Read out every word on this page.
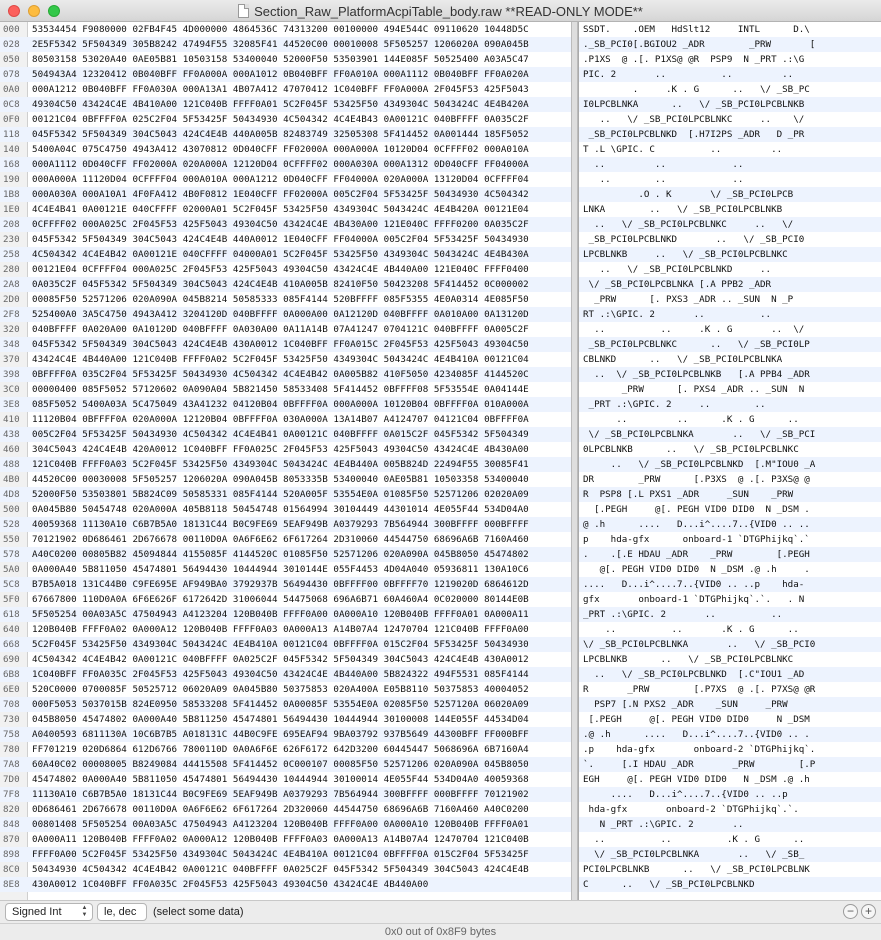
Section_Raw_PlatformAcpiTable_body.raw **READ-ONLY MODE**
000	53534454 F9080000 02FB4F45 4D000000 4864536C 74313200 00100000 494E544C 09110620 10448D5C
028	2E5F5342 5F504349 305B8242 47494F55 32085F41 44520C00 00010008 5F505257 1206020A 090A045B
050	80503158 53020A40 0AE05B81 10503158 53400040 52000F50 53503901 144E085F 50525400 A03A5C47
078	504943A4 12320412 0B040BFF FF0A000A 000A1012 0B040BFF FF0A010A 000A1112 0B040BFF FF0A020A
0A0	000A1212 0B040BFF FF0A030A 000A13A1 4B07A412 47070412 1C040BFF FF0A000A 2F045F53 425F5043
0C8	49304C50 43424C4E 4B410A00 121C040B FFFF0A01 5C2F045F 53425F50 4349304C 5043424C 4E4B420A
0F0	00121C04 0BFFFF0A 025C2F04 5F53425F 50434930 4C504342 4C4E4B43 0A00121C 040BFFFF 0A035C2F
118	045F5342 5F504349 304C5043 424C4E4B 440A005B 82483749 32505308 5F414452 0A001444 185F5052
140	5400A04C 075C4750 4943A412 43070812 0D040CFF FF02000A 000A000A 10120D04 0CFFFF02 000A010A
168	000A1112 0D040CFF FF02000A 020A000A 12120D04 0CFFFF02 000A030A 000A1312 0D040CFF FF04000A
190	000A000A 11120D04 0CFFFF04 000A010A 000A1212 0D040CFF FF04000A 020A000A 13120D04 0CFFFF04
1B8	000A030A 000A10A1 4F0FA412 4B0F0812 1E040CFF FF02000A 005C2F04 5F53425F 50434930 4C504342
1E0	4C4E4B41 0A00121E 040CFFFF 02000A01 5C2F045F 53425F50 4349304C 5043424C 4E4B420A 00121E04
208	0CFFFF02 000A025C 2F045F53 425F5043 49304C50 43424C4E 4B430A00 121E040C FFFF0200 0A035C2F
230	045F5342 5F504349 304C5043 424C4E4B 440A0012 1E040CFF FF04000A 005C2F04 5F53425F 50434930
258	4C504342 4C4E4B42 0A00121E 040CFFFF 04000A01 5C2F045F 53425F50 4349304C 5043424C 4E4B430A
280	00121E04 0CFFFF04 000A025C 2F045F53 425F5043 49304C50 43424C4E 4B440A00 121E040C FFFF0400
2A8	0A035C2F 045F5342 5F504349 304C5043 424C4E4B 410A005B 82410F50 50423208 5F414452 0C000002
2D0	00085F50 52571206 020A090A 045B8214 50585333 085F4144 520BFFFF 085F5355 4E0A0314 4E085F50
2F8	525400A0 3A5C4750 4943A412 3204120D 040BFFFF 0A000A00 0A12120D 040BFFFF 0A010A00 0A13120D
320	040BFFFF 0A020A00 0A10120D 040BFFFF 0A030A00 0A11A14B 07A41247 0704121C 040BFFFF 0A005C2F
348	045F5342 5F504349 304C5043 424C4E4B 430A0012 1C040BFF FF0A015C 2F045F53 425F5043 49304C50
370	43424C4E 4B440A00 121C040B FFFF0A02 5C2F045F 53425F50 4349304C 5043424C 4E4B410A 00121C04
398	0BFFFF0A 035C2F04 5F53425F 50434930 4C504342 4C4E4B42 0A005B82 410F5050 4234085F 4144520C
3C0	00000400 085F5052 57120602 0A090A04 5B821450 58533408 5F414452 0BFFFF08 5F53554E 0A04144E
3E8	085F5052 5400A03A 5C475049 43A41232 04120B04 0BFFFF0A 000A000A 10120B04 0BFFFF0A 010A000A
410	11120B04 0BFFFF0A 020A000A 12120B04 0BFFFF0A 030A000A 13A14B07 A4124707 04121C04 0BFFFF0A
438	005C2F04 5F53425F 50434930 4C504342 4C4E4B41 0A00121C 040BFFFF 0A015C2F 045F5342 5F504349
460	304C5043 424C4E4B 420A0012 1C040BFF FF0A025C 2F045F53 425F5043 49304C50 43424C4E 4B430A00
488	121C040B FFFF0A03 5C2F045F 53425F50 4349304C 5043424C 4E4B440A 005B824D 22494F55 30085F41
4B0	44520C00 00030008 5F505257 1206020A 090A045B 8053335B 53400040 0AE05B81 10503358 53400040
4D8	52000F50 53503801 5B824C09 50585331 085F4144 520A005F 53554E0A 01085F50 52571206 02020A09
500	0A045B80 50454748 020A000A 405B8118 50454748 01564994 30104449 44301014 4E055F44 534D04A0
528	40059368 11130A10 C6B7B5A0 18131C44 B0C9FE69 5EAF949B A0379293 7B564944 300BFFFF 000BFFFF
550	70121902 0D686461 2D676678 00110D0A 0A6F6E62 6F617264 2D310060 44544750 68696A6B 7160A460
578	A40C0200 00805B82 45094844 4155085F 4144520C 01085F50 52571206 020A090A 045B8050 45474802
5A0	0A000A40 5B811050 45474801 56494430 10444944 3010144E 055F4453 4D04A040 05936811 130A10C6
5C8	B7B5A018 131C44B0 C9FE695E AF949BA0 3792937B 56494430 0BFFFF00 0BFFFF70 1219020D 6864612D
5F0	67667800 110D0A0A 6F6E626F 6172642D 31006044 54475068 696A6B71 60A460A4 0C020000 80144E0B
618	5F505254 00A03A5C 47504943 A4123204 120B040B FFFF0A00 0A000A10 120B040B FFFF0A01 0A000A11
640	120B040B FFFF0A02 0A000A12 120B040B FFFF0A03 0A000A13 A14B07A4 12470704 121C040B FFFF0A00
668	5C2F045F 53425F50 4349304C 5043424C 4E4B410A 00121C04 0BFFFF0A 015C2F04 5F53425F 50434930
690	4C504342 4C4E4B42 0A00121C 040BFFFF 0A025C2F 045F5342 5F504349 304C5043 424C4E4B 430A0012
6B8	1C040BFF FF0A035C 2F045F53 425F5043 49304C50 43424C4E 4B440A00 5B824322 494F5531 085F4144
6E0	520C0000 0700085F 50525712 06020A09 0A045B80 50375853 020A400A E05B8110 50375853 40004052
708	000F5053 5037015B 824E0950 58533208 5F414452 0A00085F 53554E0A 02085F50 5257120A 06020A09
730	045B8050 45474802 0A000A40 5B811250 45474801 56494430 10444944 30100008 144E055F 44534D04
758	A0400593 6811130A 10C6B7B5 A018131C 44B0C9FE 695EAF94 9BA03792 937B5649 44300BFF FF000BFF
780	FF701219 020D6864 612D6766 7800110D 0A0A6F6E 626F6172 642D3200 60445447 5068696A 6B7160A4
7A8	60A40C02 00008005 B8249084 44415508 5F414452 0C000107 00085F50 52571206 020A090A 045B8050
7D0	45474802 0A000A40 5B811050 45474801 56494430 10444944 30100014 4E055F44 534D04A0 40059368
7F8	11130A10 C6B7B5A0 18131C44 B0C9FE69 5EAF949B A0379293 7B564944 300BFFFF 000BFFFF 70121902
820	0D686461 2D676678 00110D0A 0A6F6E62 6F617264 2D320060 44544750 68696A6B 7160A460 A40C0200
848	00801408 5F505254 00A03A5C 47504943 A4123204 120B040B FFFF0A00 0A000A10 120B040B FFFF0A01
870	0A000A11 120B040B FFFF0A02 0A000A12 120B040B FFFF0A03 0A000A13 A14B07A4 12470704 121C040B
898	FFFF0A00 5C2F045F 53425F50 4349304C 5043424C 4E4B410A 00121C04 0BFFFF0A 015C2F04 5F53425F
8C0	50434930 4C504342 4C4E4B42 0A00121C 040BFFFF 0A025C2F 045F5342 5F504349 304C5043 424C4E4B
8E8	430A0012 1C040BFF FF0A035C 2F045F53 425F5043 49304C50 43424C4E 4B440A00
SSDT.    .OEM   HdSlt12     INTL      D.\
._SB_PCI0[.BGIOU2 _ADR        _PRW       [
.P1XS  @ .[. P1XS@ @R  PSP9  N _PRT .:\G
PIC. 2       ..          ..         ..
.     .K . G      ..   \/ _SB_PC
I0LPCBLNKA      ..   \/ _SB_PCI0LPCBLNKB
..   \/ _SB_PCI0LPCBLNKC     ..    \/
_SB_PCI0LPCBLNKD  [.H7I2PS _ADR   D _PR
T .L \GPIC. C          ..         ..
..         ..            ..
..        ..            ..
.O . K       \/ _SB_PCI0LPCB
LNKA        ..   \/ _SB_PCI0LPCBLNKB
..   \/ _SB_PCI0LPCBLNKC     ..   \/
_SB_PCI0LPCBLNKD       ..   \/ _SB_PCI0
LPCBLNKB     ..   \/ _SB_PCI0LPCBLNKC
..   \/ _SB_PCI0LPCBLNKD     ..
\/ _SB_PCI0LPCBLNKA [.A PPB2 _ADR
_PRW      [. PXS3 _ADR .. _SUN  N _P
RT .:\GPIC. 2       ..          ..
..          ..     .K . G       ..  \/
_SB_PCI0LPCBLNKC      ..   \/ _SB_PCI0LP
CBLNKD      ..   \/ _SB_PCI0LPCBLNKA
..  \/ _SB_PCI0LPCBLNKB   [.A PPB4 _ADR
_PRW      [. PXS4 _ADR .. _SUN  N
_PRT .:\GPIC. 2     ..        ..
..         ..      .K . G      ..
\/ _SB_PCI0LPCBLNKA       ..   \/ _SB_PCI
0LPCBLNKB      ..   \/ _SB_PCI0LPCBLNKC
..   \/ _SB_PCI0LPCBLNKD  [.M"IOU0 _A
DR        _PRW      [.P3XS  @ .[. P3XS@ @
R  PSP8 [.L PXS1 _ADR     _SUN    _PRW
[.PEGH     @[. PEGH VID0 DID0  N _DSM .
@ .h      ....   D...i^....7..{VID0 .. ..
p    hda-gfx      onboard-1 `DTGPhijkq`.`
.    .[.E HDAU _ADR    _PRW        [.PEGH
@[. PEGH VID0 DID0  N _DSM .@ .h     .
....   D...i^....7..{VID0 .. ..p    hda-
gfx       onboard-1 `DTGPhijkq`.`.   . N
_PRT .:\GPIC. 2       ..          ..
..          ..       .K . G      ..
\/ _SB_PCI0LPCBLNKA       ..   \/ _SB_PCI0
LPCBLNKB      ..   \/ _SB_PCI0LPCBLNKC
..   \/ _SB_PCI0LPCBLNKD  [.C"IOU1 _AD
R       _PRW        [.P7XS  @ .[. P7XS@ @R
PSP7 [.N PXS2 _ADR    _SUN     _PRW
[.PEGH     @[. PEGH VID0 DID0     N _DSM
.@ .h      ....   D...i^....7..{VID0 .. .
.p    hda-gfx       onboard-2 `DTGPhijkq`.
`.     [.I HDAU _ADR       _PRW        [.P
EGH     @[. PEGH VID0 DID0   N _DSM .@ .h
....   D...i^....7..{VID0 .. ..p
hda-gfx       onboard-2 `DTGPhijkq`.`.
N _PRT .:\GPIC. 2       ..
..          ..          .K . G      ..
\/ _SB_PCI0LPCBLNKA       ..   \/ _SB_
PCI0LPCBLNKB      ..   \/ _SB_PCI0LPCBLNK
C      ..   \/ _SB_PCI0LPCBLNKD
Signed Int	▲
▼	le, dec	(select some data)	− +
0x0 out of 0x8F9 bytes
